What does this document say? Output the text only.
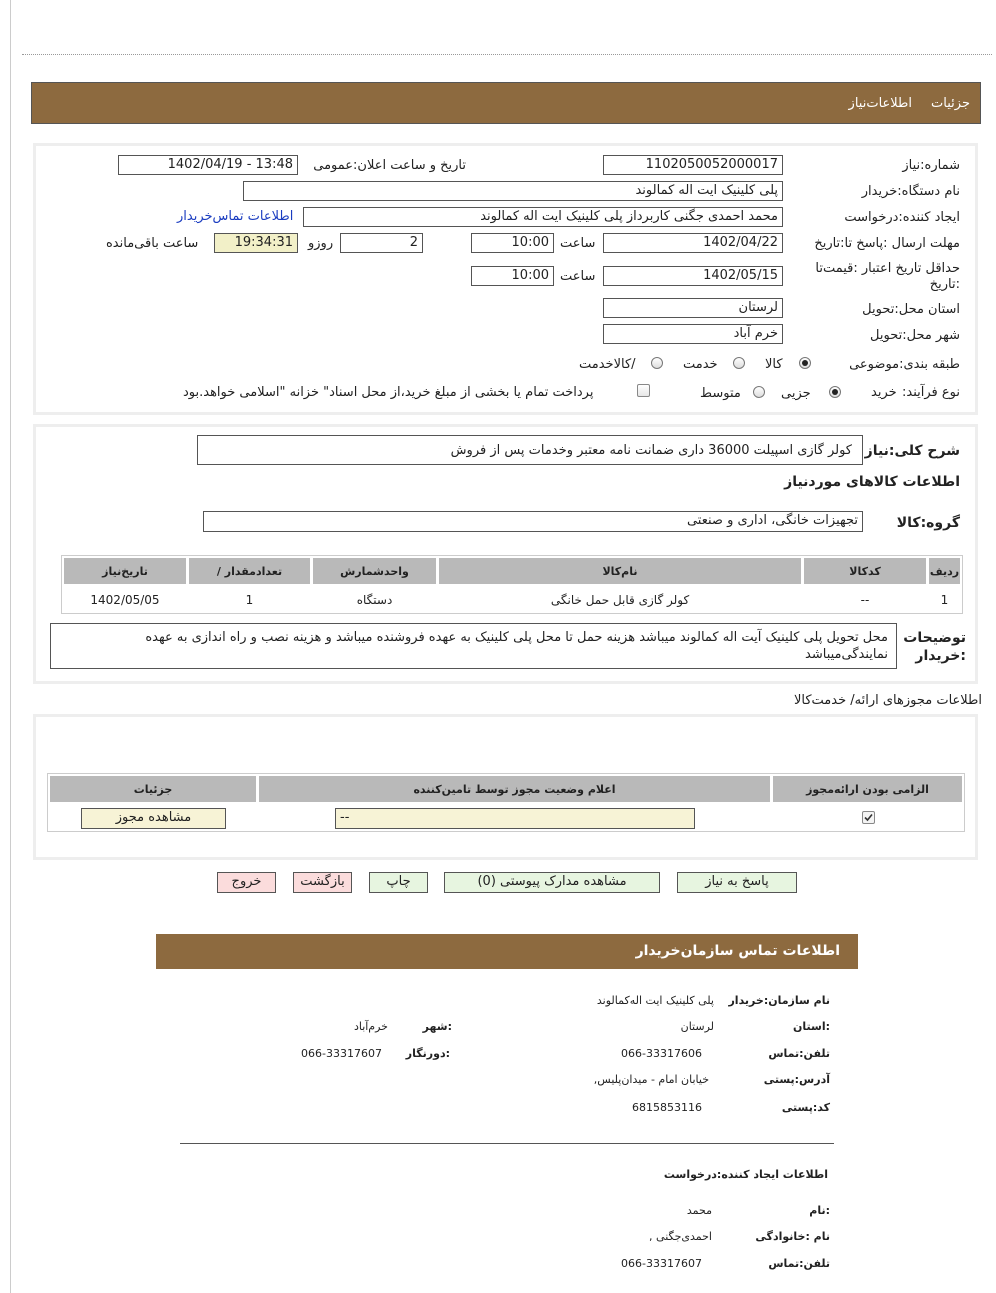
جزئیات
اطلاعات‌نیاز
شماره:نیاز
1102050052000017
تاریخ و ساعت اعلان:عمومی
1402/04/19 - 13:48
نام دستگاه:خریدار
پلی کلینیک ایت اله کمالوند
ایجاد کننده:درخواست
محمد احمدی جگنی کاربرداز پلی کلینیک ایت اله کمالوند
اطلاعات تماس‌خریدار
مهلت ارسال :پاسخ تا:تاریخ
1402/04/22
ساعت
10:00
2
روزو
19:34:31
ساعت باقی‌مانده
حداقل تاریخ اعتبار :قیمت‌تا
:تاریخ
1402/05/15
ساعت
10:00
استان محل:تحویل
لرستان
شهر محل:تحویل
خرم آباد
طبقه بندی:موضوعی
کالا
خدمت
/کالاخدمت
نوع فرآیند:
خرید
جزیی
متوسط
پرداخت تمام یا بخشی از مبلغ خرید،از محل اسناد" خزانه "اسلامی خواهد.بود
شرح کلی:نیاز
کولر گازی اسپیلت 36000 داری ضمانت نامه معتبر وخدمات پس از فروش
اطلاعات کالاهای موردنیاز
گروه:کالا
تجهیزات خانگی، اداری و صنعتی
ردیف
کدکالا
نام‌کالا
واحدشمارش
/ تعدادمقدار
تاریخ‌نیاز
1
--
کولر گازی قابل حمل خانگی
دستگاه
1
1402/05/05
توضیحات
:خریدار
محل تحویل پلی کلینیک آیت اله کمالوند میباشد هزینه حمل تا محل پلی کلینیک به عهده فروشنده میباشد و هزینه نصب و راه اندازی به عهده نمایندگی‌میباشد
اطلاعات مجوزهای ارائه/ خدمت‌کالا
الزامی بودن ارائه‌مجوز
اعلام وضعیت مجوز توسط تامین‌کننده
جزئیات
--
مشاهده مجوز
پاسخ به نیاز
مشاهده مدارک پیوستی (0)
چاپ
بازگشت
خروج
اطلاعات تماس سازمان‌خریدار
نام سازمان:خریدار
پلی کلینیک ایت اله‌کمالوند
:استان
لرستان
:شهر
خرم‌آباد
تلفن:تماس
066-33317606
:دورنگار
066-33317607
آدرس:پستی
خیابان امام - میدان‌پلیس,
کد:پستی
6815853116
اطلاعات ایجاد کننده:درخواست
:نام
محمد
نام :خانوادگی
احمدی‌جگنی ,
تلفن:تماس
066-33317607
